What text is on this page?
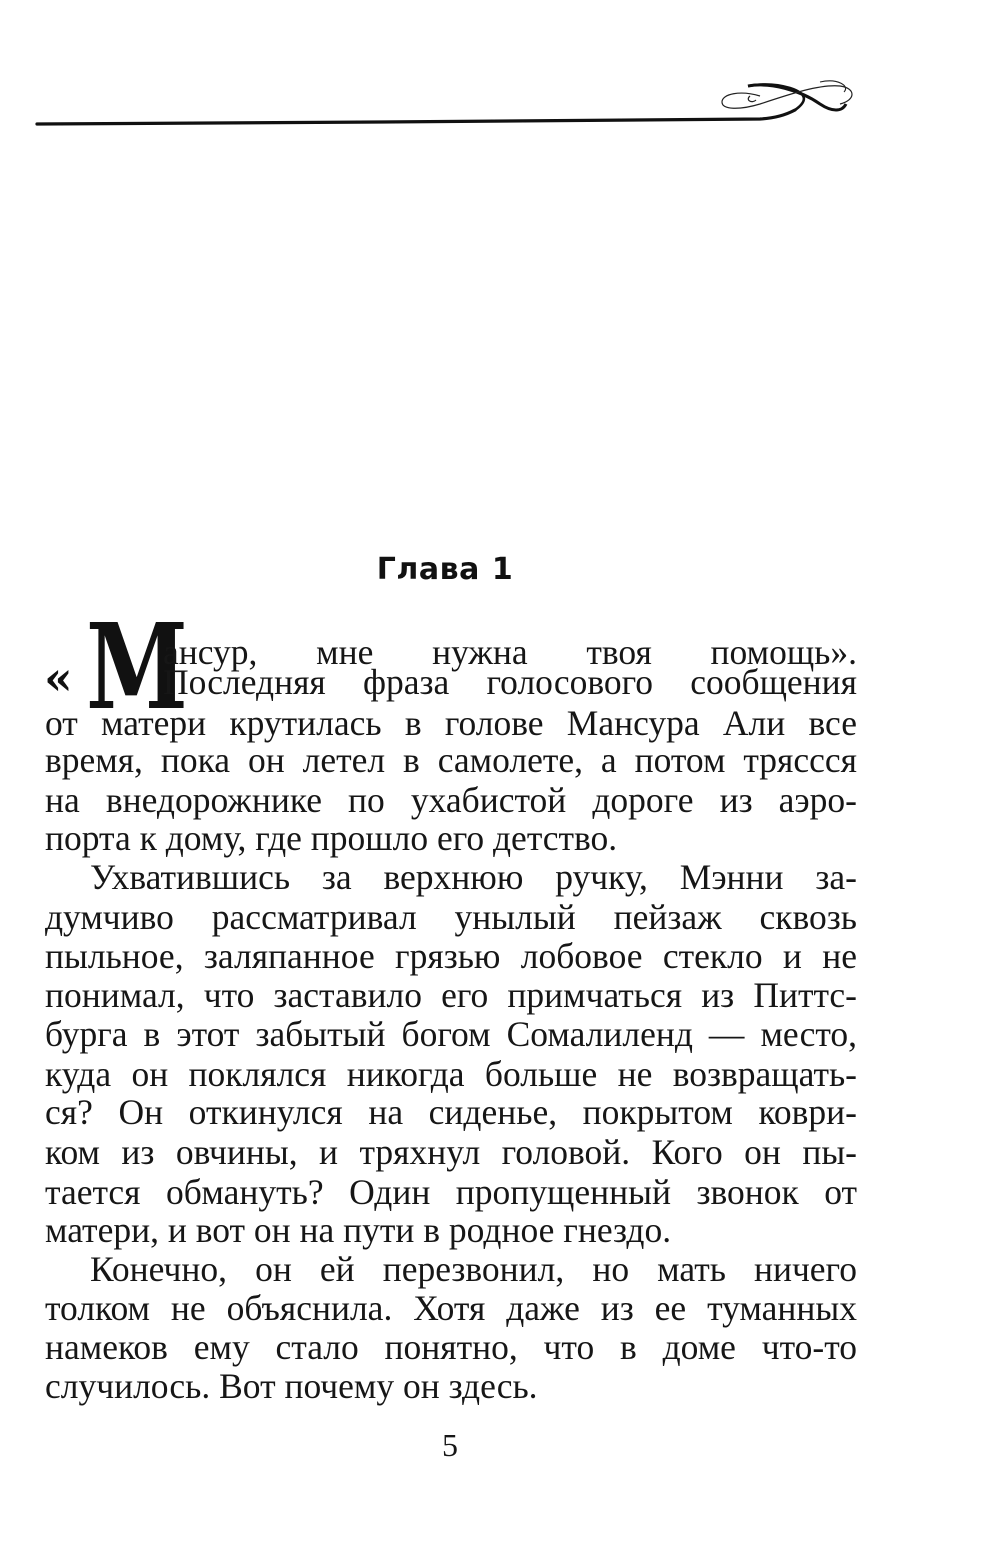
Глава 1
« М
ансур, мне нужна твоя помощь».
Последняя фраза голосового сообщения
от матери крутилась в голове Мансура Али все
время, пока он летел в самолете, а потом тряссся
на внедорожнике по ухабистой дороге из аэро-
порта к дому, где прошло его детство.
Ухватившись за верхнюю ручку, Мэнни за-
думчиво рассматривал унылый пейзаж сквозь
пыльное, заляпанное грязью лобовое стекло и не
понимал, что заставило его примчаться из Питтс-
бурга в этот забытый богом Сомалиленд — место,
куда он поклялся никогда больше не возвращать-
ся? Он откинулся на сиденье, покрытом коври-
ком из овчины, и тряхнул головой. Кого он пы-
тается обмануть? Один пропущенный звонок от
матери, и вот он на пути в родное гнездо.
Конечно, он ей перезвонил, но мать ничего
толком не объяснила. Хотя даже из ее туманных
намеков ему стало понятно, что в доме что-то
случилось. Вот почему он здесь.
5
